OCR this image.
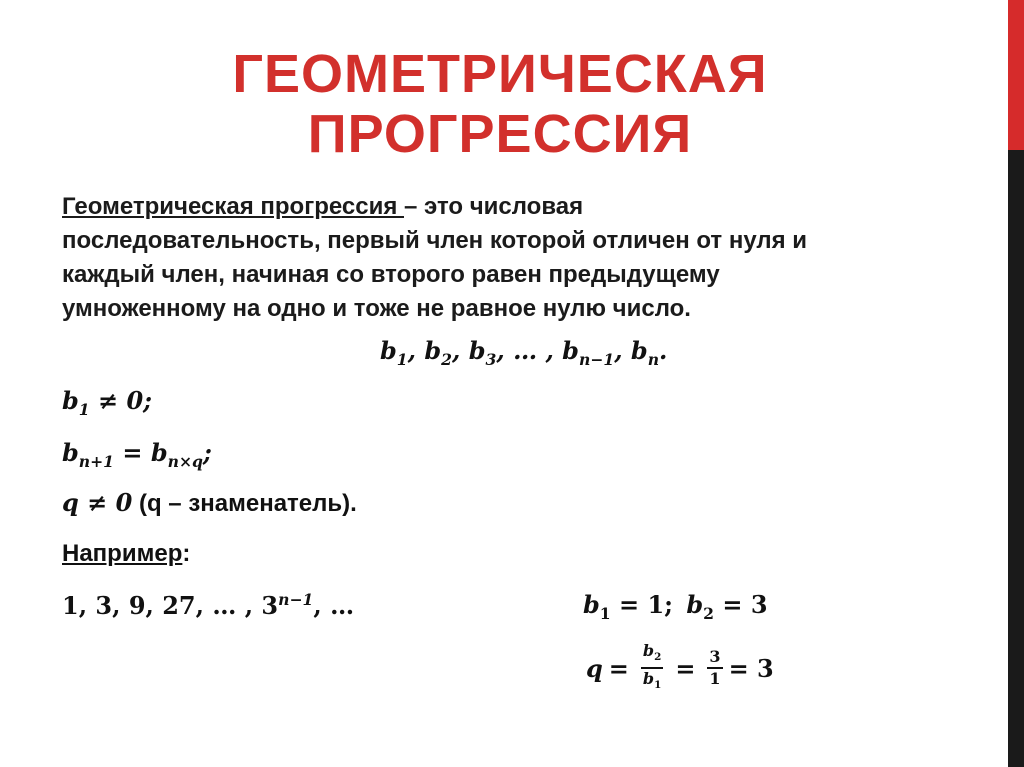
ГЕОМЕТРИЧЕСКАЯ
ПРОГРЕССИЯ
Геометрическая прогрессия – это числовая
последовательность, первый член которой отличен от нуля и
каждый член, начиная со второго равен предыдущему
умноженному на одно и тоже не равное нулю число.
$b_1$, $b_2$, $b_3$, … , $b_{n-1}$, $b_n$.
$b_1 \ne 0$;
$b_{n+1} = b_{n\times q}$;
q ≠ 0 (q – знаменатель).
Например:
1, 3, 9, 27, … , $3^{n-1}$, …	$b_1 = 1$; $b_2 = 3$
$q = \frac{b_2}{b_1} = \frac{3}{1} = 3$
